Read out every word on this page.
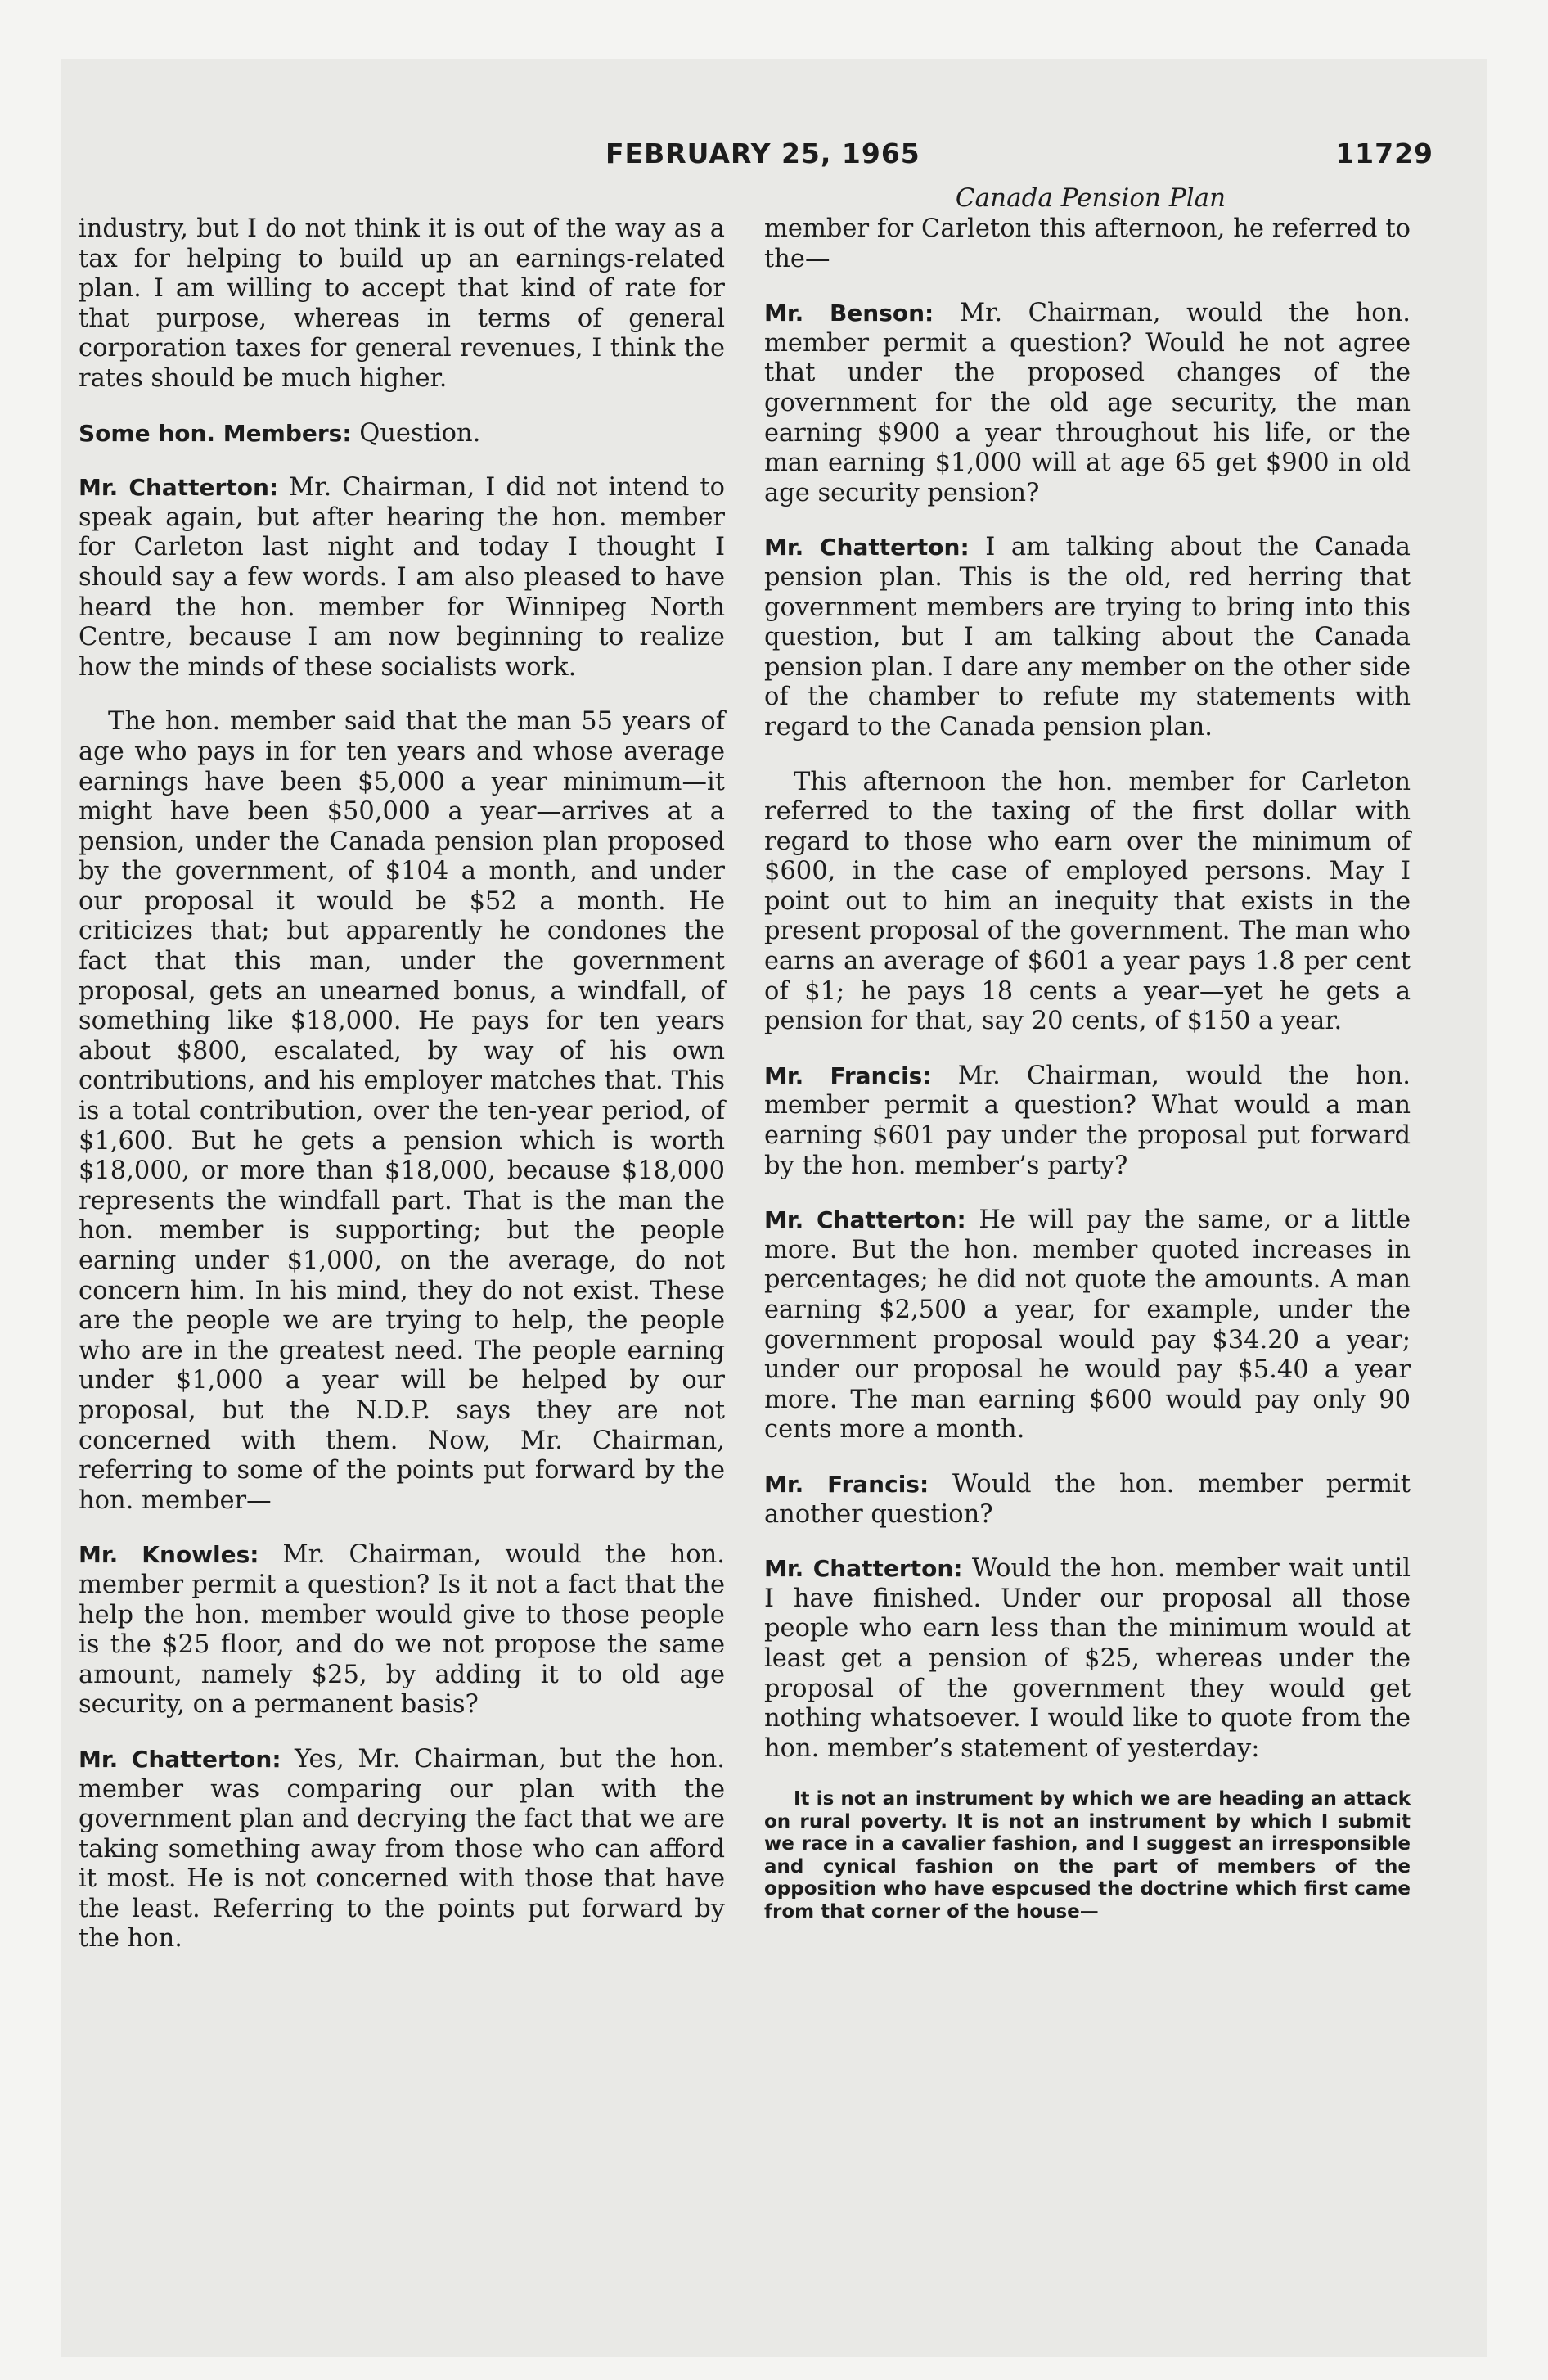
FEBRUARY 25, 1965	11729
Canada Pension Plan

industry, but I do not think it is out of the way as a tax for helping to build up an earnings-related plan. I am willing to accept that kind of rate for that purpose, whereas in terms of general corporation taxes for general revenues, I think the rates should be much higher.

Some hon. Members: Question.

Mr. Chatterton: Mr. Chairman, I did not intend to speak again, but after hearing the hon. member for Carleton last night and today I thought I should say a few words. I am also pleased to have heard the hon. member for Winnipeg North Centre, because I am now beginning to realize how the minds of these socialists work.

The hon. member said that the man 55 years of age who pays in for ten years and whose average earnings have been $5,000 a year minimum—it might have been $50,000 a year—arrives at a pension, under the Canada pension plan proposed by the government, of $104 a month, and under our proposal it would be $52 a month. He criticizes that; but apparently he condones the fact that this man, under the government proposal, gets an unearned bonus, a windfall, of something like $18,000. He pays for ten years about $800, escalated, by way of his own contributions, and his employer matches that. This is a total contribution, over the ten-year period, of $1,600. But he gets a pension which is worth $18,000, or more than $18,000, because $18,000 represents the windfall part. That is the man the hon. member is supporting; but the people earning under $1,000, on the average, do not concern him. In his mind, they do not exist. These are the people we are trying to help, the people who are in the greatest need. The people earning under $1,000 a year will be helped by our proposal, but the N.D.P. says they are not concerned with them. Now, Mr. Chairman, referring to some of the points put forward by the hon. member—

Mr. Knowles: Mr. Chairman, would the hon. member permit a question? Is it not a fact that the help the hon. member would give to those people is the $25 floor, and do we not propose the same amount, namely $25, by adding it to old age security, on a permanent basis?

Mr. Chatterton: Yes, Mr. Chairman, but the hon. member was comparing our plan with the government plan and decrying the fact that we are taking something away from those who can afford it most. He is not concerned with those that have the least. Referring to the points put forward by the hon.

member for Carleton this afternoon, he referred to the—

Mr. Benson: Mr. Chairman, would the hon. member permit a question? Would he not agree that under the proposed changes of the government for the old age security, the man earning $900 a year throughout his life, or the man earning $1,000 will at age 65 get $900 in old age security pension?

Mr. Chatterton: I am talking about the Canada pension plan. This is the old, red herring that government members are trying to bring into this question, but I am talking about the Canada pension plan. I dare any member on the other side of the chamber to refute my statements with regard to the Canada pension plan.

This afternoon the hon. member for Carleton referred to the taxing of the first dollar with regard to those who earn over the minimum of $600, in the case of employed persons. May I point out to him an inequity that exists in the present proposal of the government. The man who earns an average of $601 a year pays 1.8 per cent of $1; he pays 18 cents a year—yet he gets a pension for that, say 20 cents, of $150 a year.

Mr. Francis: Mr. Chairman, would the hon. member permit a question? What would a man earning $601 pay under the proposal put forward by the hon. member’s party?

Mr. Chatterton: He will pay the same, or a little more. But the hon. member quoted increases in percentages; he did not quote the amounts. A man earning $2,500 a year, for example, under the government proposal would pay $34.20 a year; under our proposal he would pay $5.40 a year more. The man earning $600 would pay only 90 cents more a month.

Mr. Francis: Would the hon. member permit another question?

Mr. Chatterton: Would the hon. member wait until I have finished. Under our proposal all those people who earn less than the minimum would at least get a pension of $25, whereas under the proposal of the government they would get nothing whatsoever. I would like to quote from the hon. member’s statement of yesterday:

It is not an instrument by which we are heading an attack on rural poverty. It is not an instrument by which I submit we race in a cavalier fashion, and I suggest an irresponsible and cynical fashion on the part of members of the opposition who have espcused the doctrine which first came from that corner of the house—
